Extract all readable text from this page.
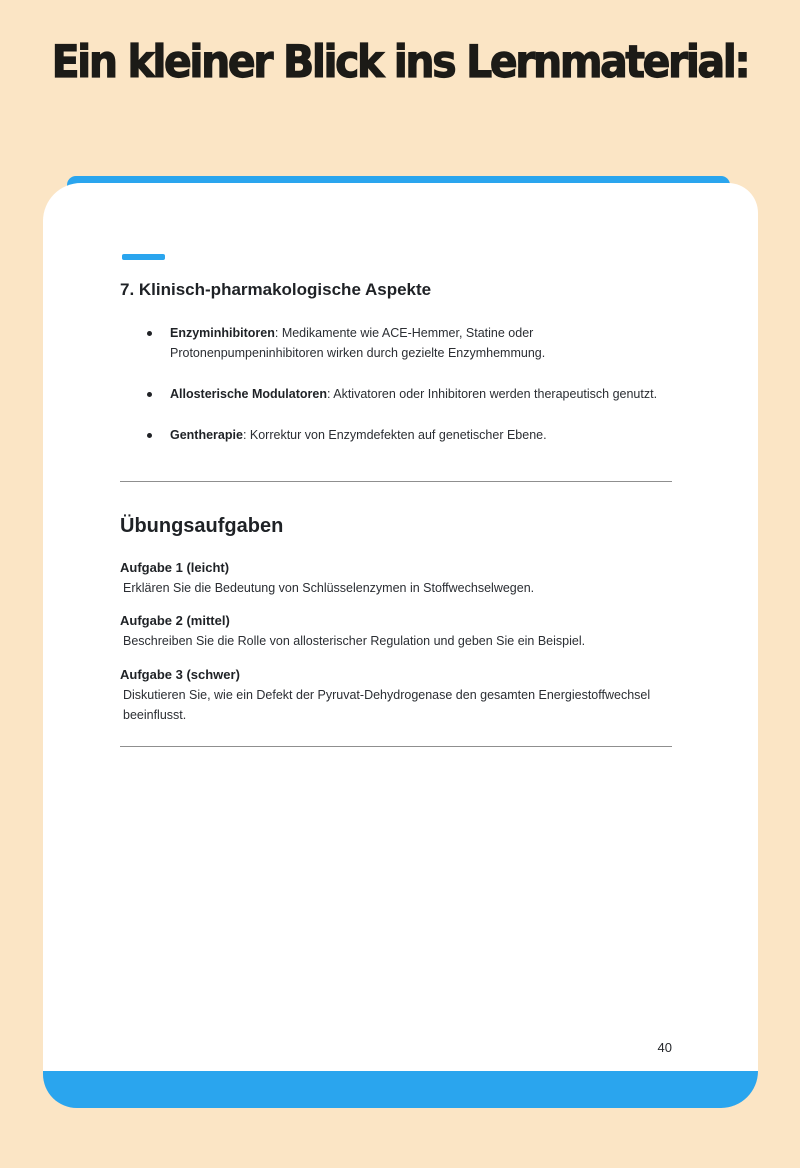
Ein kleiner Blick ins Lernmaterial:
7. Klinisch-pharmakologische Aspekte
Enzyminhibitoren: Medikamente wie ACE-Hemmer, Statine oder
Protonenpumpeninhibitoren wirken durch gezielte Enzymhemmung.
Allosterische Modulatoren: Aktivatoren oder Inhibitoren werden therapeutisch genutzt.
Gentherapie: Korrektur von Enzymdefekten auf genetischer Ebene.
Übungsaufgaben
Aufgabe 1 (leicht)
Erklären Sie die Bedeutung von Schlüsselenzymen in Stoffwechselwegen.
Aufgabe 2 (mittel)
Beschreiben Sie die Rolle von allosterischer Regulation und geben Sie ein Beispiel.
Aufgabe 3 (schwer)
Diskutieren Sie, wie ein Defekt der Pyruvat-Dehydrogenase den gesamten Energiestoffwechsel
beeinflusst.
40
